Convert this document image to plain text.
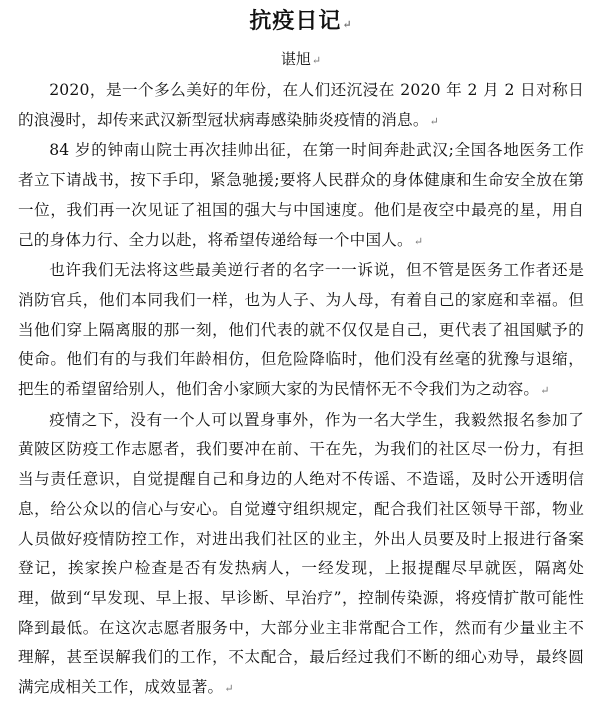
抗疫日记↵
谌旭↵

2020，是一个多么美好的年份，在人们还沉浸在 2020 年 2 月 2 日对称日的浪漫时，却传来武汉新型冠状病毒感染肺炎疫情的消息。↵

84 岁的钟南山院士再次挂帅出征，在第一时间奔赴武汉;全国各地医务工作者立下请战书，按下手印，紧急驰援;要将人民群众的身体健康和生命安全放在第一位，我们再一次见证了祖国的强大与中国速度。他们是夜空中最亮的星，用自己的身体力行、全力以赴，将希望传递给每一个中国人。↵

也许我们无法将这些最美逆行者的名字一一诉说，但不管是医务工作者还是消防官兵，他们本同我们一样，也为人子、为人母，有着自己的家庭和幸福。但当他们穿上隔离服的那一刻，他们代表的就不仅仅是自己，更代表了祖国赋予的使命。他们有的与我们年龄相仿，但危险降临时，他们没有丝毫的犹豫与退缩，把生的希望留给别人，他们舍小家顾大家的为民情怀无不令我们为之动容。↵

疫情之下，没有一个人可以置身事外，作为一名大学生，我毅然报名参加了黄陂区防疫工作志愿者，我们要冲在前、干在先，为我们的社区尽一份力，有担当与责任意识，自觉提醒自己和身边的人绝对不传谣、不造谣，及时公开透明信息，给公众以的信心与安心。自觉遵守组织规定，配合我们社区领导干部，物业人员做好疫情防控工作，对进出我们社区的业主，外出人员要及时上报进行备案登记，挨家挨户检查是否有发热病人，一经发现，上报提醒尽早就医，隔离处理，做到“早发现、早上报、早诊断、早治疗”，控制传染源，将疫情扩散可能性降到最低。在这次志愿者服务中，大部分业主非常配合工作，然而有少量业主不理解，甚至误解我们的工作，不太配合，最后经过我们不断的细心劝导，最终圆满完成相关工作，成效显著。↵
